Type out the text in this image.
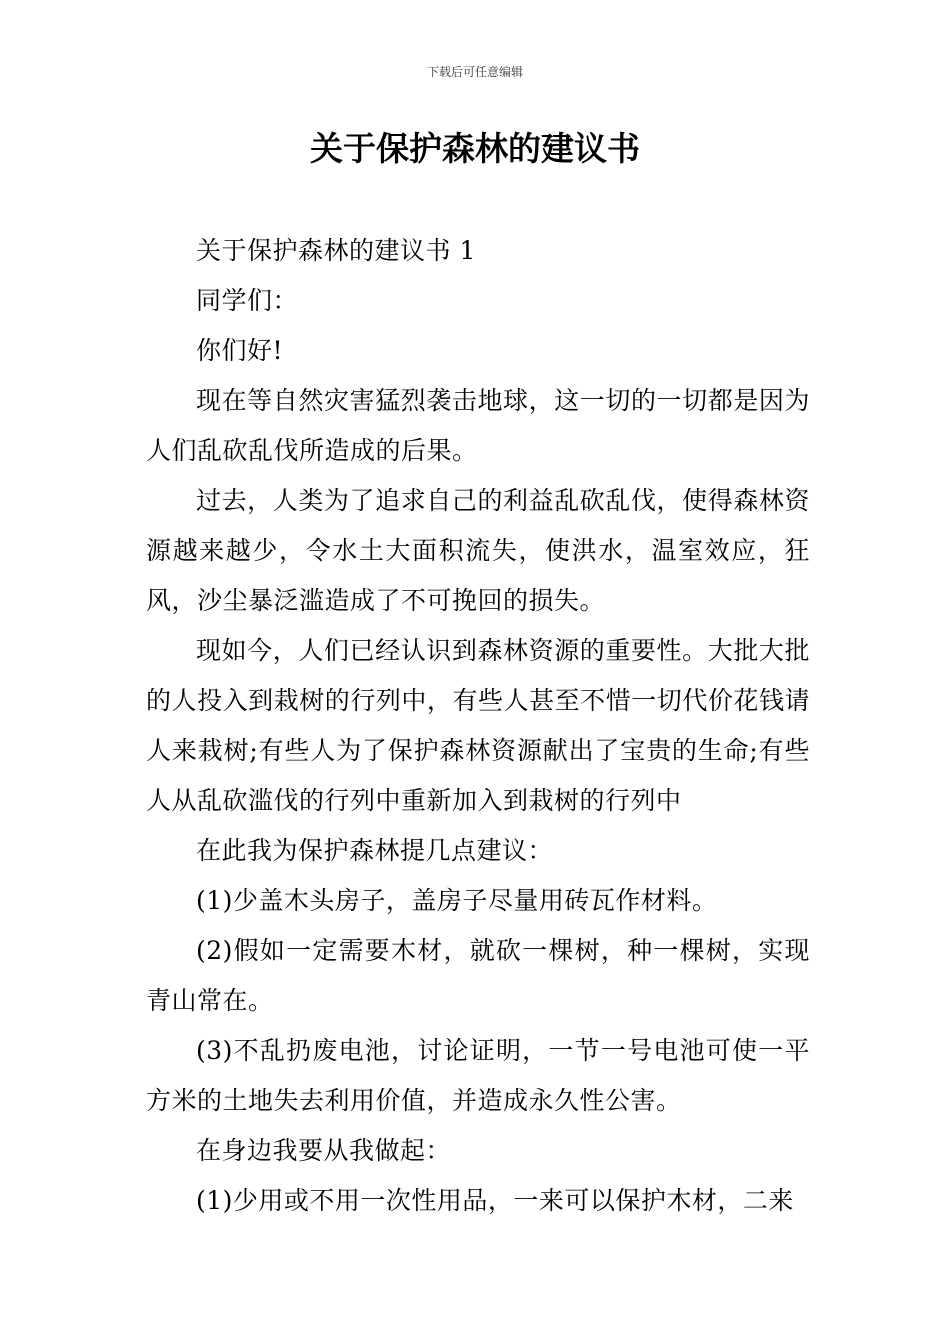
下载后可任意编辑
关于保护森林的建议书

关于保护森林的建议书 1

同学们：

你们好!

现在等自然灾害猛烈袭击地球，这一切的一切都是因为人们乱砍乱伐所造成的后果。

过去，人类为了追求自己的利益乱砍乱伐，使得森林资源越来越少，令水土大面积流失，使洪水，温室效应，狂风，沙尘暴泛滥造成了不可挽回的损失。

现如今，人们已经认识到森林资源的重要性。大批大批的人投入到栽树的行列中，有些人甚至不惜一切代价花钱请人来栽树;有些人为了保护森林资源献出了宝贵的生命;有些人从乱砍滥伐的行列中重新加入到栽树的行列中

在此我为保护森林提几点建议：

(1)少盖木头房子，盖房子尽量用砖瓦作材料。

(2)假如一定需要木材，就砍一棵树，种一棵树，实现青山常在。

(3)不乱扔废电池，讨论证明，一节一号电池可使一平方米的土地失去利用价值，并造成永久性公害。

在身边我要从我做起：

(1)少用或不用一次性用品，一来可以保护木材，二来
